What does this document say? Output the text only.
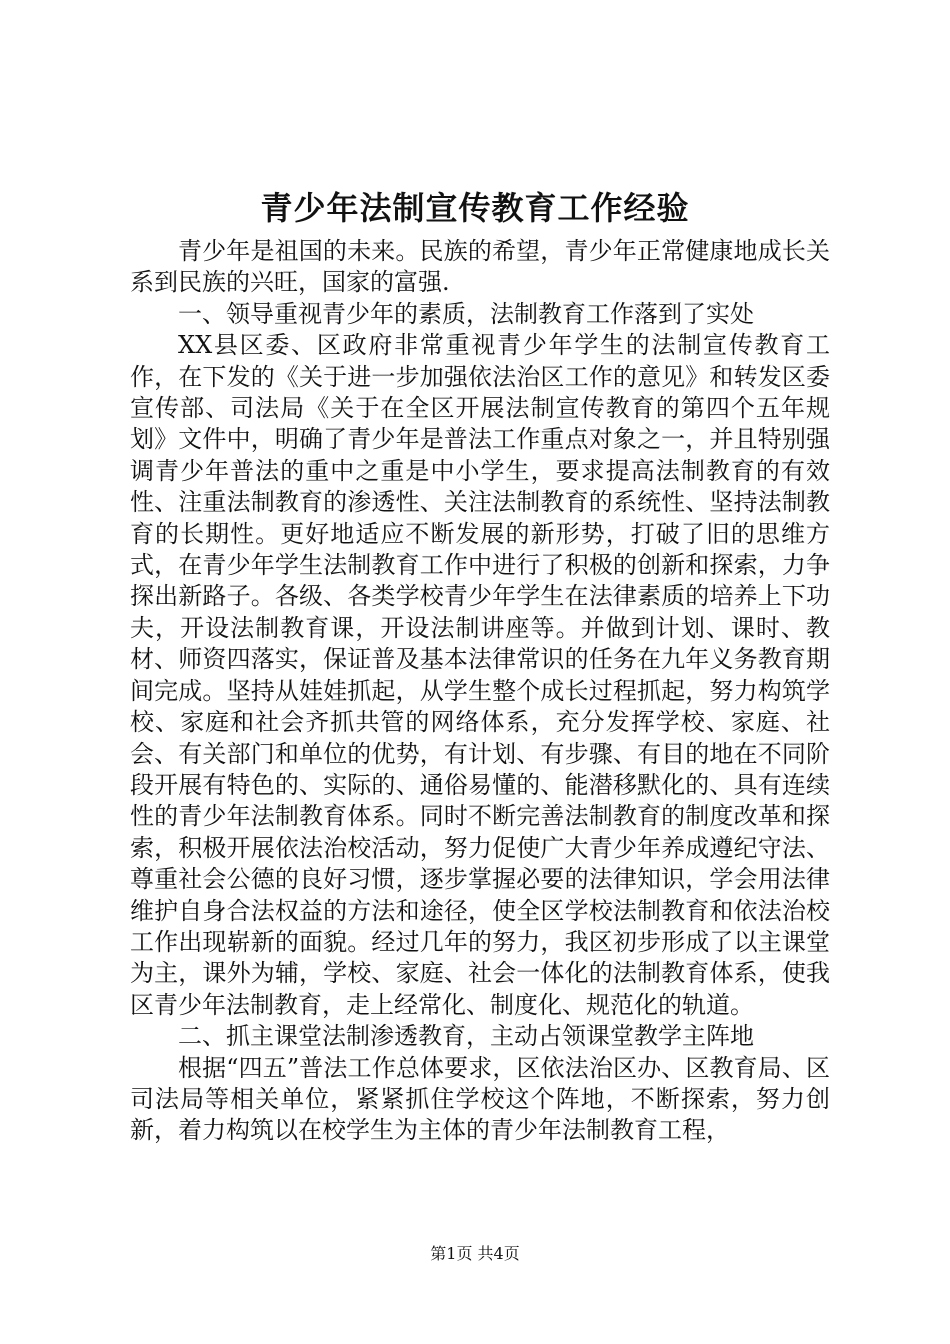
青少年法制宣传教育工作经验

青少年是祖国的未来。民族的希望，青少年正常健康地成长关系到民族的兴旺，国家的富强.

一、领导重视青少年的素质，法制教育工作落到了实处

XX县区委、区政府非常重视青少年学生的法制宣传教育工作，在下发的《关于进一步加强依法治区工作的意见》和转发区委宣传部、司法局《关于在全区开展法制宣传教育的第四个五年规划》文件中，明确了青少年是普法工作重点对象之一，并且特别强调青少年普法的重中之重是中小学生，要求提高法制教育的有效性、注重法制教育的渗透性、关注法制教育的系统性、坚持法制教育的长期性。更好地适应不断发展的新形势，打破了旧的思维方式，在青少年学生法制教育工作中进行了积极的创新和探索，力争探出新路子。各级、各类学校青少年学生在法律素质的培养上下功夫，开设法制教育课，开设法制讲座等。并做到计划、课时、教材、师资四落实，保证普及基本法律常识的任务在九年义务教育期间完成。坚持从娃娃抓起，从学生整个成长过程抓起，努力构筑学校、家庭和社会齐抓共管的网络体系，充分发挥学校、家庭、社会、有关部门和单位的优势，有计划、有步骤、有目的地在不同阶段开展有特色的、实际的、通俗易懂的、能潜移默化的、具有连续性的青少年法制教育体系。同时不断完善法制教育的制度改革和探索，积极开展依法治校活动，努力促使广大青少年养成遵纪守法、尊重社会公德的良好习惯，逐步掌握必要的法律知识，学会用法律维护自身合法权益的方法和途径，使全区学校法制教育和依法治校工作出现崭新的面貌。经过几年的努力，我区初步形成了以主课堂为主，课外为辅，学校、家庭、社会一体化的法制教育体系，使我区青少年法制教育，走上经常化、制度化、规范化的轨道。

二、抓主课堂法制渗透教育，主动占领课堂教学主阵地

根据“四五”普法工作总体要求，区依法治区办、区教育局、区司法局等相关单位，紧紧抓住学校这个阵地，不断探索，努力创新，着力构筑以在校学生为主体的青少年法制教育工程，

第1页 共4页
